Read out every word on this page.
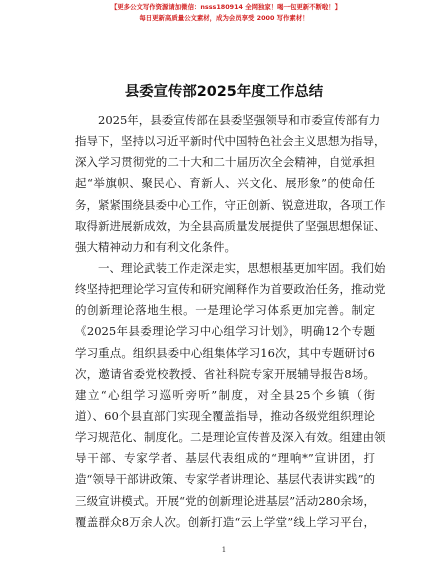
【更多公文写作资源请加微信：nsss180914 全网独家！喝一包更新不断啦！】
每日更新高质量公文素材，成为会员享受 2000 写作素材！
县委宣传部2025年度工作总结
2025年，县委宣传部在县委坚强领导和市委宣传部有力
指导下，坚持以习近平新时代中国特色社会主义思想为指导，
深入学习贯彻党的二十大和二十届历次全会精神，自觉承担
起“举旗帜、聚民心、育新人、兴文化、展形象”的使命任
务，紧紧围绕县委中心工作，守正创新、锐意进取，各项工作
取得新进展新成效，为全县高质量发展提供了坚强思想保证、
强大精神动力和有利文化条件。
一、理论武装工作走深走实，思想根基更加牢固。我们始
终坚持把理论学习宣传和研究阐释作为首要政治任务，推动党
的创新理论落地生根。一是理论学习体系更加完善。制定
《2025年县委理论学习中心组学习计划》，明确12个专题
学习重点。组织县委中心组集体学习16次，其中专题研讨6
次，邀请省委党校教授、省社科院专家开展辅导报告8场。
建立“心组学习巡听旁听”制度，对全县25个乡镇（街
道）、60个县直部门实现全覆盖指导，推动各级党组织理论
学习规范化、制度化。二是理论宣传普及深入有效。组建由领
导干部、专家学者、基层代表组成的“理响*”宣讲团，打
造“领导干部讲政策、专家学者讲理论、基层代表讲实践”的
三级宣讲模式。开展“党的创新理论进基层”活动280余场，
覆盖群众8万余人次。创新打造“云上学堂”线上学习平台，
1
